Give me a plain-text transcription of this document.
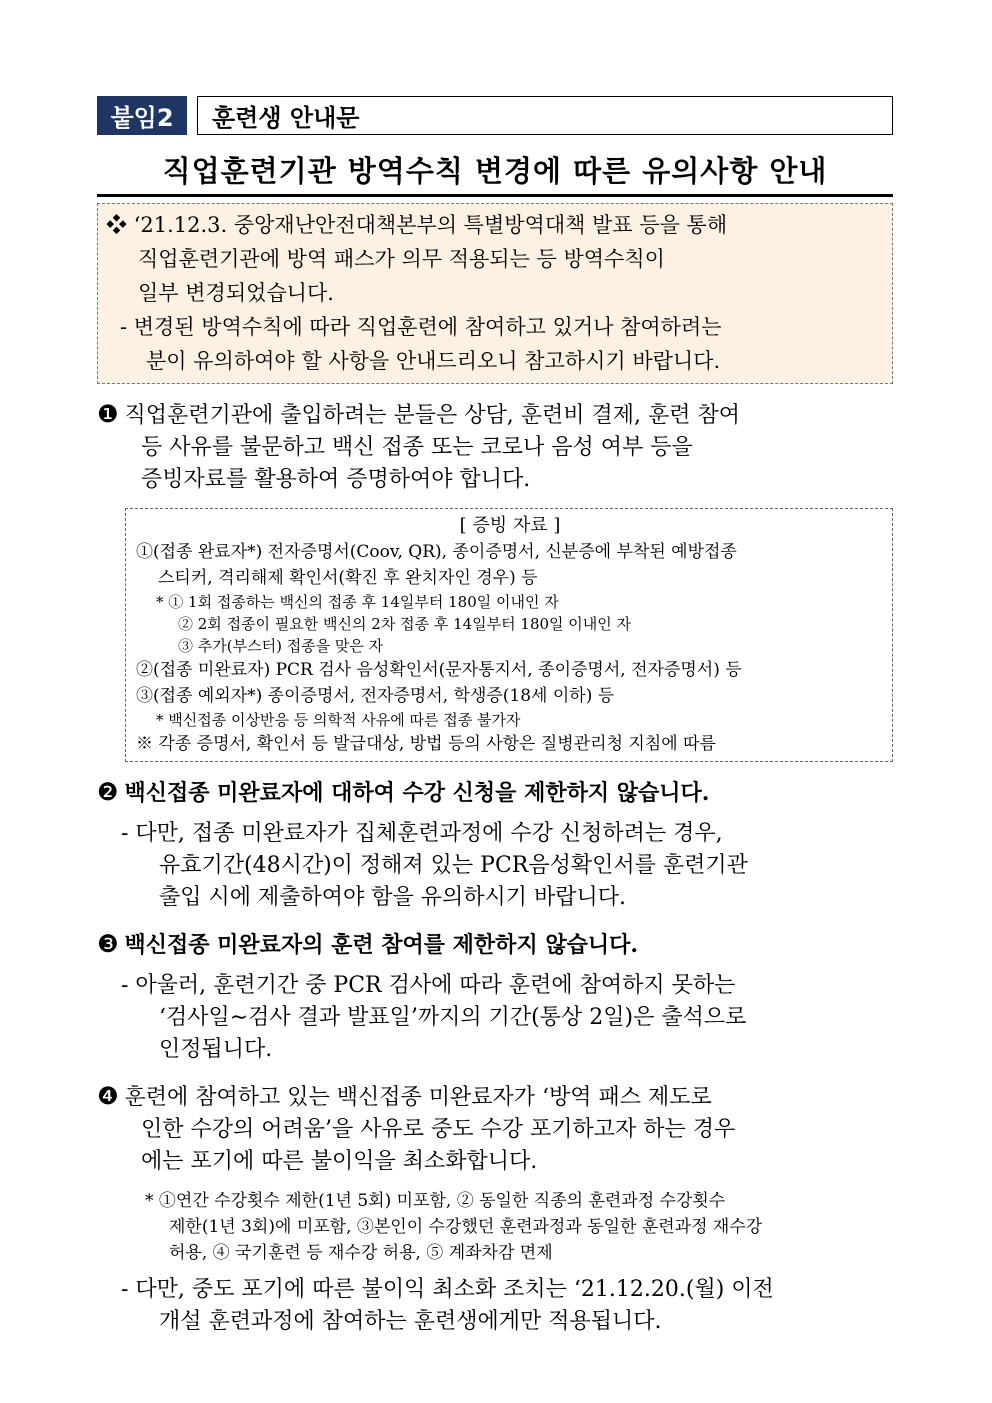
붙임2	훈련생 안내문
직업훈련기관 방역수칙 변경에 따른 유의사항 안내
❖ ‘21.12.3. 중앙재난안전대책본부의 특별방역대책 발표 등을 통해
직업훈련기관에 방역 패스가 의무 적용되는 등 방역수칙이
일부 변경되었습니다.
- 변경된 방역수칙에 따라 직업훈련에 참여하고 있거나 참여하려는
분이 유의하여야 할 사항을 안내드리오니 참고하시기 바랍니다.
❶ 직업훈련기관에 출입하려는 분들은 상담, 훈련비 결제, 훈련 참여
등 사유를 불문하고 백신 접종 또는 코로나 음성 여부 등을
증빙자료를 활용하여 증명하여야 합니다.
[ 증빙 자료 ]
①(접종 완료자*) 전자증명서(Coov, QR), 종이증명서, 신분증에 부착된 예방접종
스티커, 격리해제 확인서(확진 후 완치자인 경우) 등
* ① 1회 접종하는 백신의 접종 후 14일부터 180일 이내인 자
② 2회 접종이 필요한 백신의 2차 접종 후 14일부터 180일 이내인 자
③ 추가(부스터) 접종을 맞은 자
②(접종 미완료자) PCR 검사 음성확인서(문자통지서, 종이증명서, 전자증명서) 등
③(접종 예외자*) 종이증명서, 전자증명서, 학생증(18세 이하) 등
* 백신접종 이상반응 등 의학적 사유에 따른 접종 불가자
※ 각종 증명서, 확인서 등 발급대상, 방법 등의 사항은 질병관리청 지침에 따름
❷ 백신접종 미완료자에 대하여 수강 신청을 제한하지 않습니다.
- 다만, 접종 미완료자가 집체훈련과정에 수강 신청하려는 경우,
유효기간(48시간)이 정해져 있는 PCR음성확인서를 훈련기관
출입 시에 제출하여야 함을 유의하시기 바랍니다.
❸ 백신접종 미완료자의 훈련 참여를 제한하지 않습니다.
- 아울러, 훈련기간 중 PCR 검사에 따라 훈련에 참여하지 못하는
‘검사일∼검사 결과 발표일’까지의 기간(통상 2일)은 출석으로
인정됩니다.
❹ 훈련에 참여하고 있는 백신접종 미완료자가 ‘방역 패스 제도로
인한 수강의 어려움’을 사유로 중도 수강 포기하고자 하는 경우
에는 포기에 따른 불이익을 최소화합니다.
* ①연간 수강횟수 제한(1년 5회) 미포함, ② 동일한 직종의 훈련과정 수강횟수
제한(1년 3회)에 미포함, ③본인이 수강했던 훈련과정과 동일한 훈련과정 재수강
허용, ④ 국기훈련 등 재수강 허용, ⑤ 계좌차감 면제
- 다만, 중도 포기에 따른 불이익 최소화 조치는 ‘21.12.20.(월) 이전
개설 훈련과정에 참여하는 훈련생에게만 적용됩니다.
